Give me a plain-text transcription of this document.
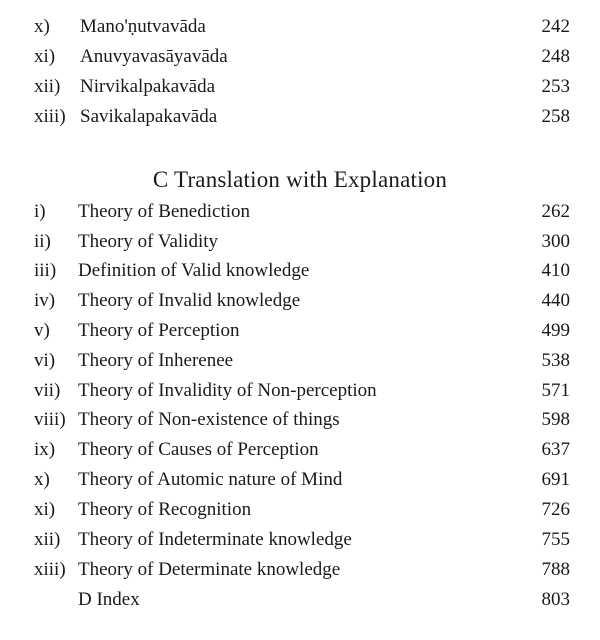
x) Mano'ṇutvavāda	242
xi) Anuvyavasāyavāda	248
xii) Nirvikalpakavāda	253
xiii) Savikalapakavāda	258
C Translation with Explanation
i) Theory of Benediction	262
ii) Theory of Validity	300
iii) Definition of Valid knowledge	410
iv) Theory of Invalid knowledge	440
v) Theory of Perception	499
vi) Theory of Inherenee	538
vii) Theory of Invalidity of Non-perception	571
viii) Theory of Non-existence of things	598
ix) Theory of Causes of Perception	637
x) Theory of Automic nature of Mind	691
xi) Theory of Recognition	726
xii) Theory of Indeterminate knowledge	755
xiii) Theory of Determinate knowledge	788
D Index	803
